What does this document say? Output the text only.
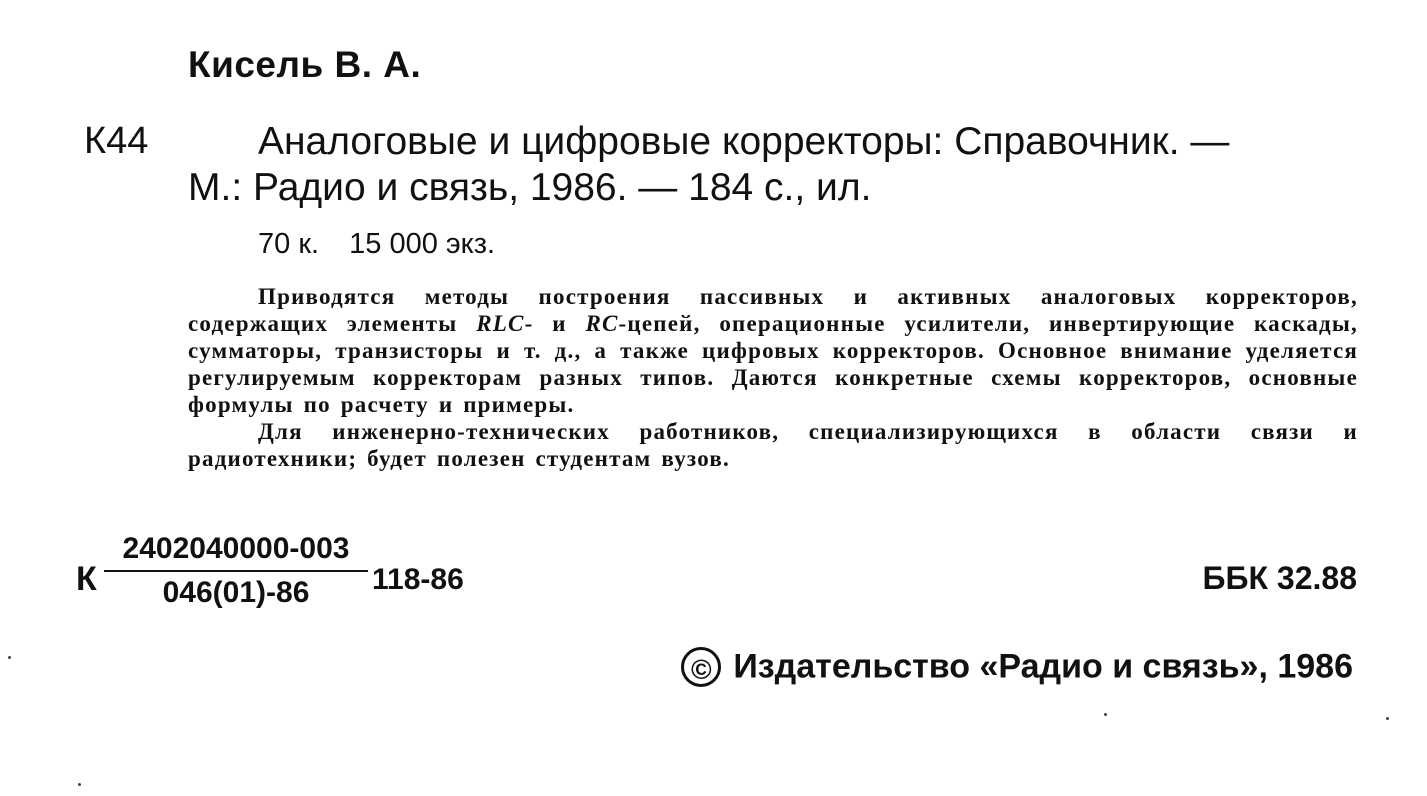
Кисель В. А.
К44	Аналоговые и цифровые корректоры: Справочник. —
М.: Радио и связь, 1986. — 184 с., ил.
70 к. 15 000 экз.

Приводятся методы построения пассивных и активных аналоговых корректоров, содержащих элементы RLC- и RC-цепей, операционные усилители, инвертирующие каскады, сумматоры, транзисторы и т. д., а также цифровых корректоров. Основное внимание уделяется регулируемым корректорам разных типов. Даются конкретные схемы корректоров, основные формулы по расчету и примеры.

Для инженерно-технических работников, специализирующихся в области связи и радиотехники; будет полезен студентам вузов.

К $\frac{2402040000-003}{046(01)-86} 118-86$	ББК 32.88
© Издательство «Радио и связь», 1986
